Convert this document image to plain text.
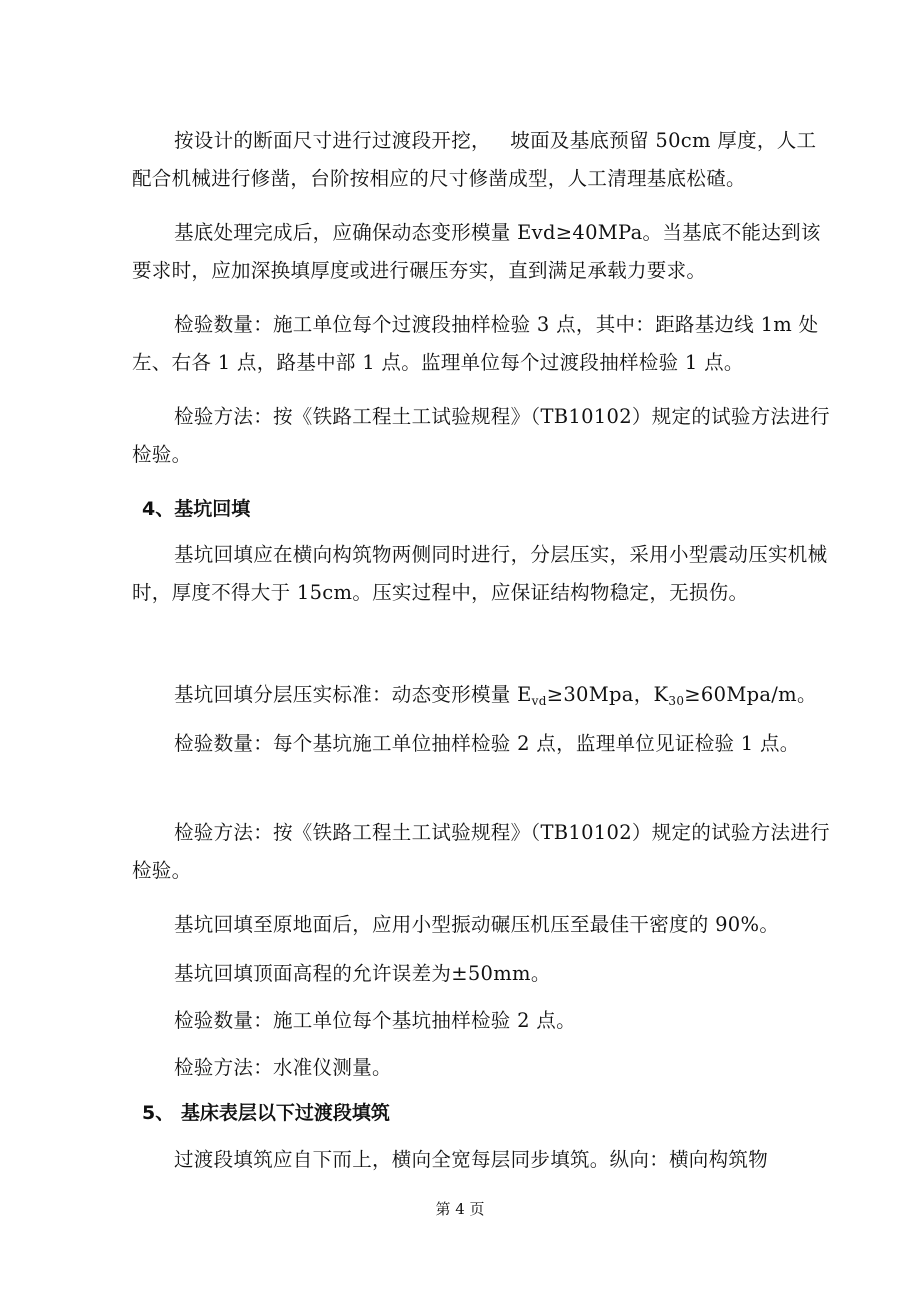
按设计的断面尺寸进行过渡段开挖，   坡面及基底预留 50cm 厚度，人工配合机械进行修凿，台阶按相应的尺寸修凿成型，人工清理基底松碴。

基底处理完成后，应确保动态变形模量 Evd≥40MPa。当基底不能达到该要求时，应加深换填厚度或进行碾压夯实，直到满足承载力要求。

检验数量：施工单位每个过渡段抽样检验 3 点，其中：距路基边线 1m 处左、右各 1 点，路基中部 1 点。监理单位每个过渡段抽样检验 1 点。

检验方法：按《铁路工程土工试验规程》（TB10102）规定的试验方法进行检验。

4、基坑回填

基坑回填应在横向构筑物两侧同时进行，分层压实，采用小型震动压实机械时，厚度不得大于 15cm。压实过程中，应保证结构物稳定，无损伤。

基坑回填分层压实标准：动态变形模量 $E_{vd}\ge 30Mpa$，$K_{30}\ge 60Mpa/m$。

检验数量：每个基坑施工单位抽样检验 2 点，监理单位见证检验 1 点。

检验方法：按《铁路工程土工试验规程》（TB10102）规定的试验方法进行检验。

基坑回填至原地面后，应用小型振动碾压机压至最佳干密度的 90%。

基坑回填顶面高程的允许误差为±50mm。

检验数量：施工单位每个基坑抽样检验 2 点。

检验方法：水准仪测量。

5、 基床表层以下过渡段填筑

过渡段填筑应自下而上，横向全宽每层同步填筑。纵向：横向构筑物

第 4 页
